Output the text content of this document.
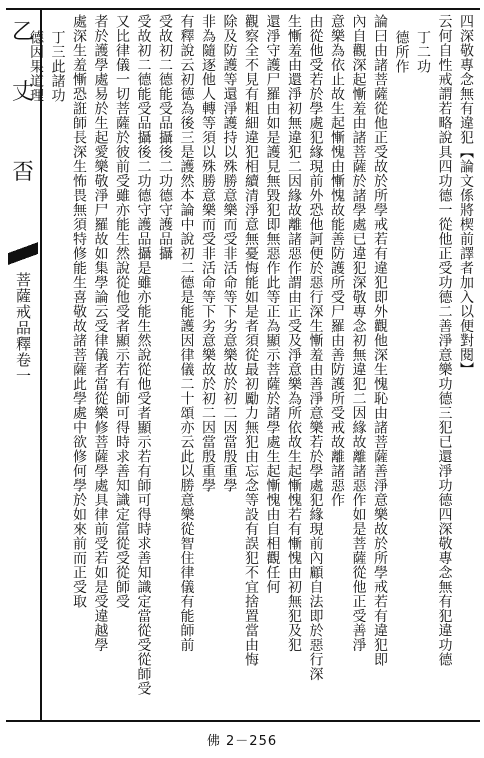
乙
丈
㫘
菩薩戒品釋卷一	四深敬專念無有違犯【論文係將楔前譯者加入以便對閱】
云何自性戒謂若略說具四功德一從他正受功德二善淨意樂功德三犯已還淨功德四深敬專念無有犯違功德
丁二功
德所作
論曰由諸菩薩從他正受故於所學戒若有違犯即外觀他深生愧恥由諸菩薩善淨意樂故於所學戒若有違犯即
內自觀深起慚羞由諸菩薩於諸學處已違犯深敬專念初無違犯二因緣故離諸惡作如是菩薩從他正受善淨
意樂為依止故生起慚愧由慚愧故能善防護所受尸羅由善防護所受戒故離諸惡作
由從他受若於學處犯緣現前外恐他訶便於惡行深生慚羞由善淨意樂若於學處犯緣現前內顧自法即於惡行深
生慚羞由還淨初無違犯二因緣故離諸惡作謂由正受及淨意樂為所依故生起慚愧若有慚愧由初無犯及犯
還淨守護尸羅由如是護見無毀犯即無惡作此等正為顯示菩薩於諸學處生起慚愧由自相觀任何
觀察全不見有粗細違犯相續清淨意無憂悔能如是者須從最初勵力無犯由忘念等設有誤犯不宜捨置當由悔
除及防護等還淨護持以殊勝意樂而受非活命等下劣意樂故於初二因當殷重學
非為隨逐他人轉等須以殊勝意樂而受非活命等下劣意樂故於初二因當殷重學
有釋說云初德為後三是護然本論中說初二德是能護因律儀二十頌亦云此以勝意樂從智住律儀有能師前
受故初二德能受品攝後二功德守護品攝
受故初二德能受品攝後二功德守護品攝是雖亦能生然說從他受者顯示若有師可得時求善知識定當從受從師受
又比律儀一切菩薩於彼前受雖亦能生然說從他受者顯示若有師可得時求善知識定當從受從師受
者於護學處易於生起愛樂敬淨尸羅故如集學論云受律儀者當從樂修菩薩學處具律前受若如是受違越學
處深生羞慚恐誑師長深生怖畏無須特修能生喜敬故諸菩薩此學處中欲修何學於如來前而正受取
丁三此諸功
德因果道理
佛 2－256
